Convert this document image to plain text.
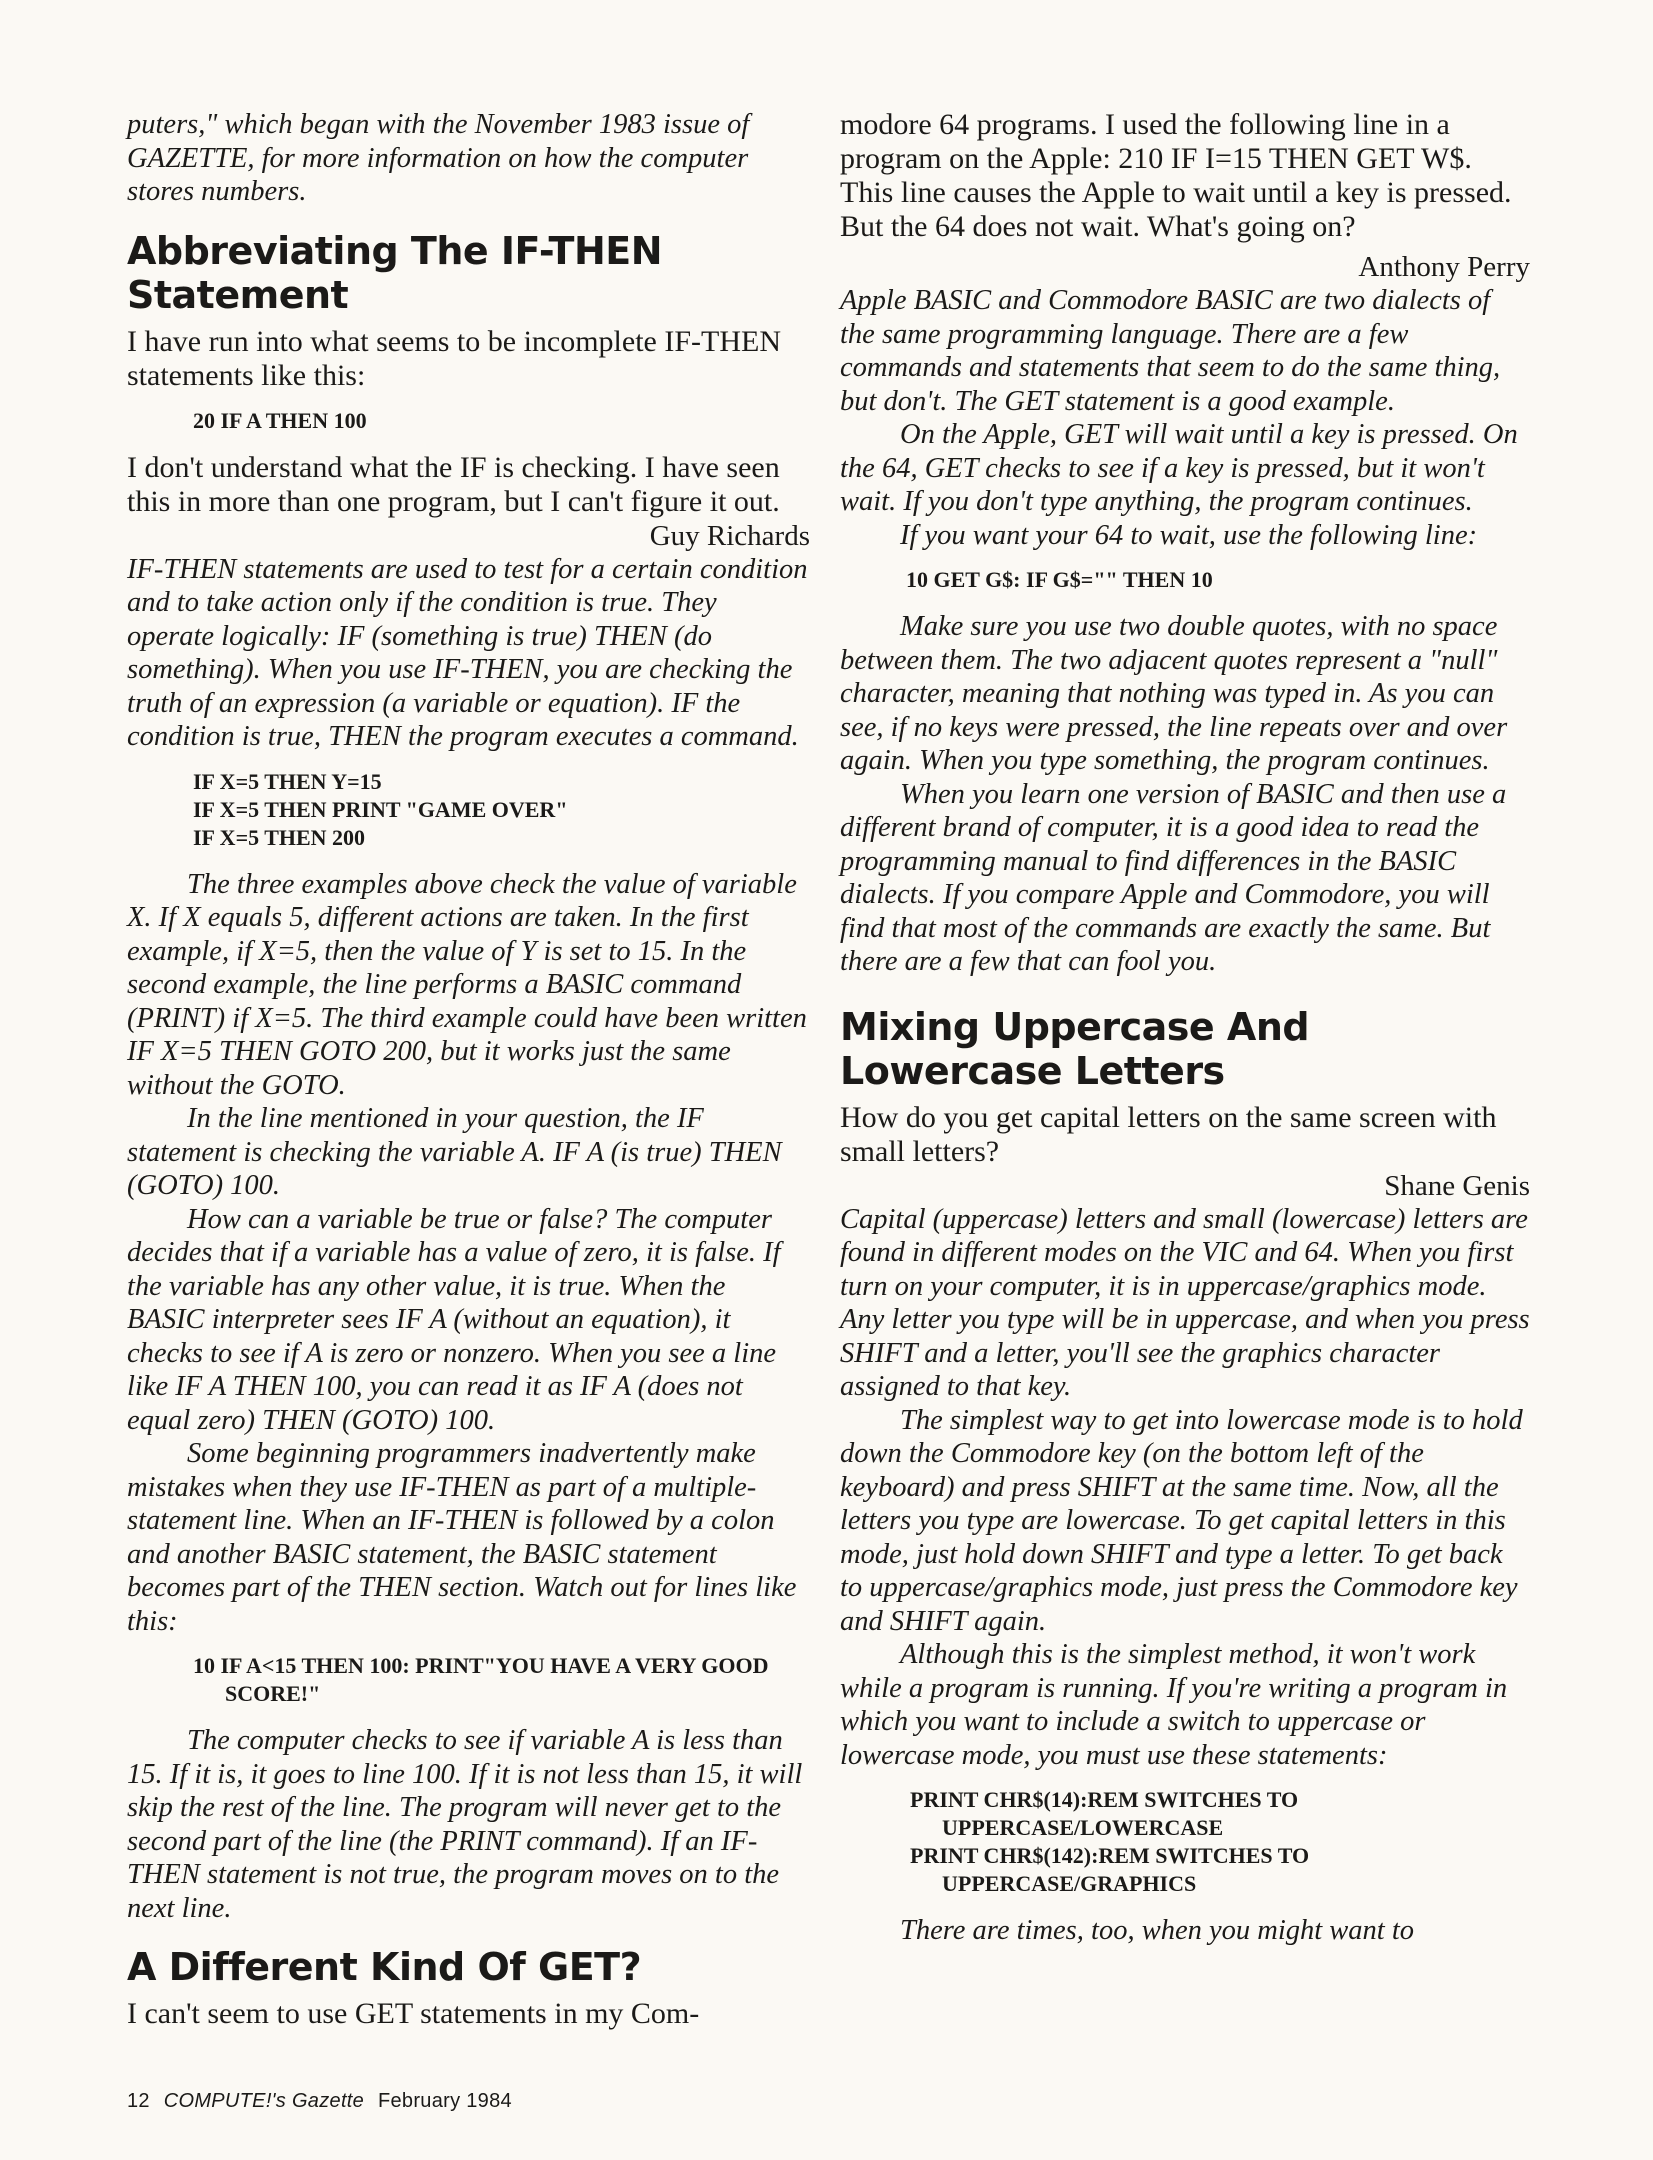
puters," which began with the November 1983 issue of GAZETTE, for more information on how the computer stores numbers.

Abbreviating The IF-THEN Statement

I have run into what seems to be incomplete IF-THEN statements like this:

20 IF A THEN 100

I don't understand what the IF is checking. I have seen this in more than one program, but I can't figure it out.

Guy Richards

IF-THEN statements are used to test for a certain condition and to take action only if the condition is true. They operate logically: IF (something is true) THEN (do something). When you use IF-THEN, you are checking the truth of an expression (a variable or equation). IF the condition is true, THEN the program executes a command.

IF X=5 THEN Y=15
IF X=5 THEN PRINT "GAME OVER"
IF X=5 THEN 200

The three examples above check the value of variable X. If X equals 5, different actions are taken. In the first example, if X=5, then the value of Y is set to 15. In the second example, the line performs a BASIC command (PRINT) if X=5. The third example could have been written IF X=5 THEN GOTO 200, but it works just the same without the GOTO.

In the line mentioned in your question, the IF statement is checking the variable A. IF A (is true) THEN (GOTO) 100.

How can a variable be true or false? The computer decides that if a variable has a value of zero, it is false. If the variable has any other value, it is true. When the BASIC interpreter sees IF A (without an equation), it checks to see if A is zero or nonzero. When you see a line like IF A THEN 100, you can read it as IF A (does not equal zero) THEN (GOTO) 100.

Some beginning programmers inadvertently make mistakes when they use IF-THEN as part of a multiple-statement line. When an IF-THEN is followed by a colon and another BASIC statement, the BASIC statement becomes part of the THEN section. Watch out for lines like this:

10 IF A<15 THEN 100: PRINT"YOU HAVE A VERY GOOD SCORE!"

The computer checks to see if variable A is less than 15. If it is, it goes to line 100. If it is not less than 15, it will skip the rest of the line. The program will never get to the second part of the line (the PRINT command). If an IF-THEN statement is not true, the program moves on to the next line.

A Different Kind Of GET?

I can't seem to use GET statements in my Com-

modore 64 programs. I used the following line in a program on the Apple: 210 IF I=15 THEN GET W$. This line causes the Apple to wait until a key is pressed. But the 64 does not wait. What's going on?

Anthony Perry

Apple BASIC and Commodore BASIC are two dialects of the same programming language. There are a few commands and statements that seem to do the same thing, but don't. The GET statement is a good example.

On the Apple, GET will wait until a key is pressed. On the 64, GET checks to see if a key is pressed, but it won't wait. If you don't type anything, the program continues.

If you want your 64 to wait, use the following line:

10 GET G$: IF G$="" THEN 10

Make sure you use two double quotes, with no space between them. The two adjacent quotes represent a "null" character, meaning that nothing was typed in. As you can see, if no keys were pressed, the line repeats over and over again. When you type something, the program continues.

When you learn one version of BASIC and then use a different brand of computer, it is a good idea to read the programming manual to find differences in the BASIC dialects. If you compare Apple and Commodore, you will find that most of the commands are exactly the same. But there are a few that can fool you.

Mixing Uppercase And Lowercase Letters

How do you get capital letters on the same screen with small letters?

Shane Genis

Capital (uppercase) letters and small (lowercase) letters are found in different modes on the VIC and 64. When you first turn on your computer, it is in uppercase/graphics mode. Any letter you type will be in uppercase, and when you press SHIFT and a letter, you'll see the graphics character assigned to that key.

The simplest way to get into lowercase mode is to hold down the Commodore key (on the bottom left of the keyboard) and press SHIFT at the same time. Now, all the letters you type are lowercase. To get capital letters in this mode, just hold down SHIFT and type a letter. To get back to uppercase/graphics mode, just press the Commodore key and SHIFT again.

Although this is the simplest method, it won't work while a program is running. If you're writing a program in which you want to include a switch to uppercase or lowercase mode, you must use these statements:

PRINT CHR$(14):REM SWITCHES TO UPPERCASE/LOWERCASE
PRINT CHR$(142):REM SWITCHES TO UPPERCASE/GRAPHICS

There are times, too, when you might want to

12 COMPUTE!'s Gazette February 1984
